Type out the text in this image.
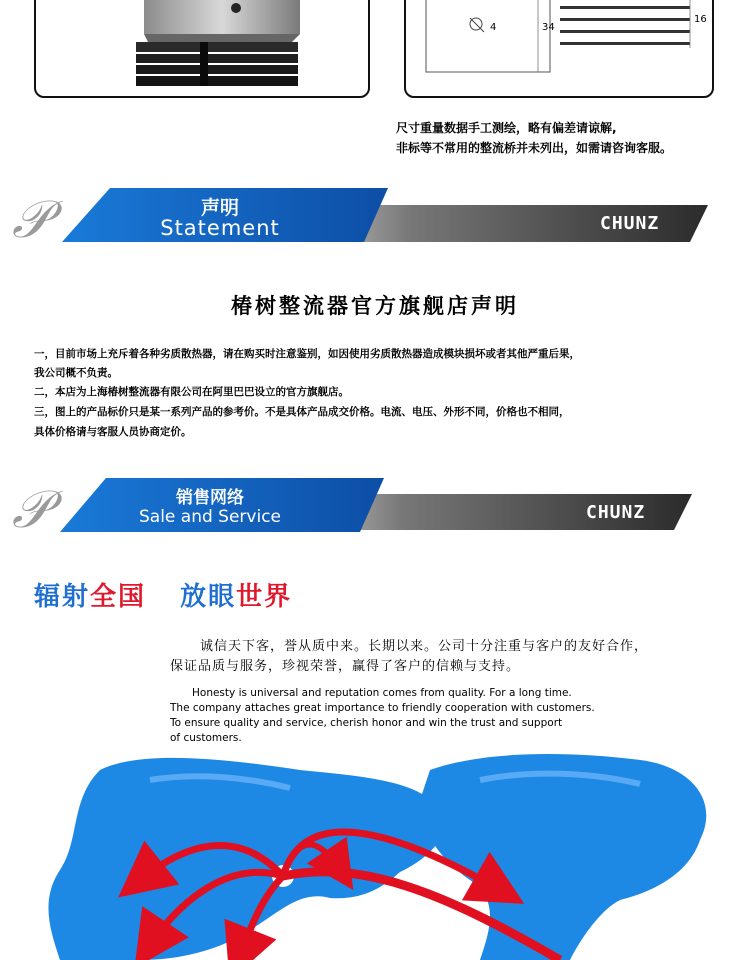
4	34
16
尺寸重量数据手工测绘，略有偏差请谅解,
非标等不常用的整流桥并未列出，如需请咨询客服。
𝒫	声明
Statement	CHUNZ
椿树整流器官方旗舰店声明
一，目前市场上充斥着各种劣质散热器，请在购买时注意鉴别，如因使用劣质散热器造成模块损坏或者其他严重后果，
我公司概不负责。
二，本店为上海椿树整流器有限公司在阿里巴巴设立的官方旗舰店。
三，图上的产品标价只是某一系列产品的参考价。不是具体产品成交价格。电流、电压、外形不同，价格也不相同，
具体价格请与客服人员协商定价。
𝒫	销售网络
Sale and Service	CHUNZ
辐射全国 放眼世界
诚信天下客，誉从质中来。长期以来。公司十分注重与客户的友好合作，
保证品质与服务，珍视荣誉，赢得了客户的信赖与支持。
Honesty is universal and reputation comes from quality. For a long time.
The company attaches great importance to friendly cooperation with customers.
To ensure quality and service, cherish honor and win the trust and support
of customers.
